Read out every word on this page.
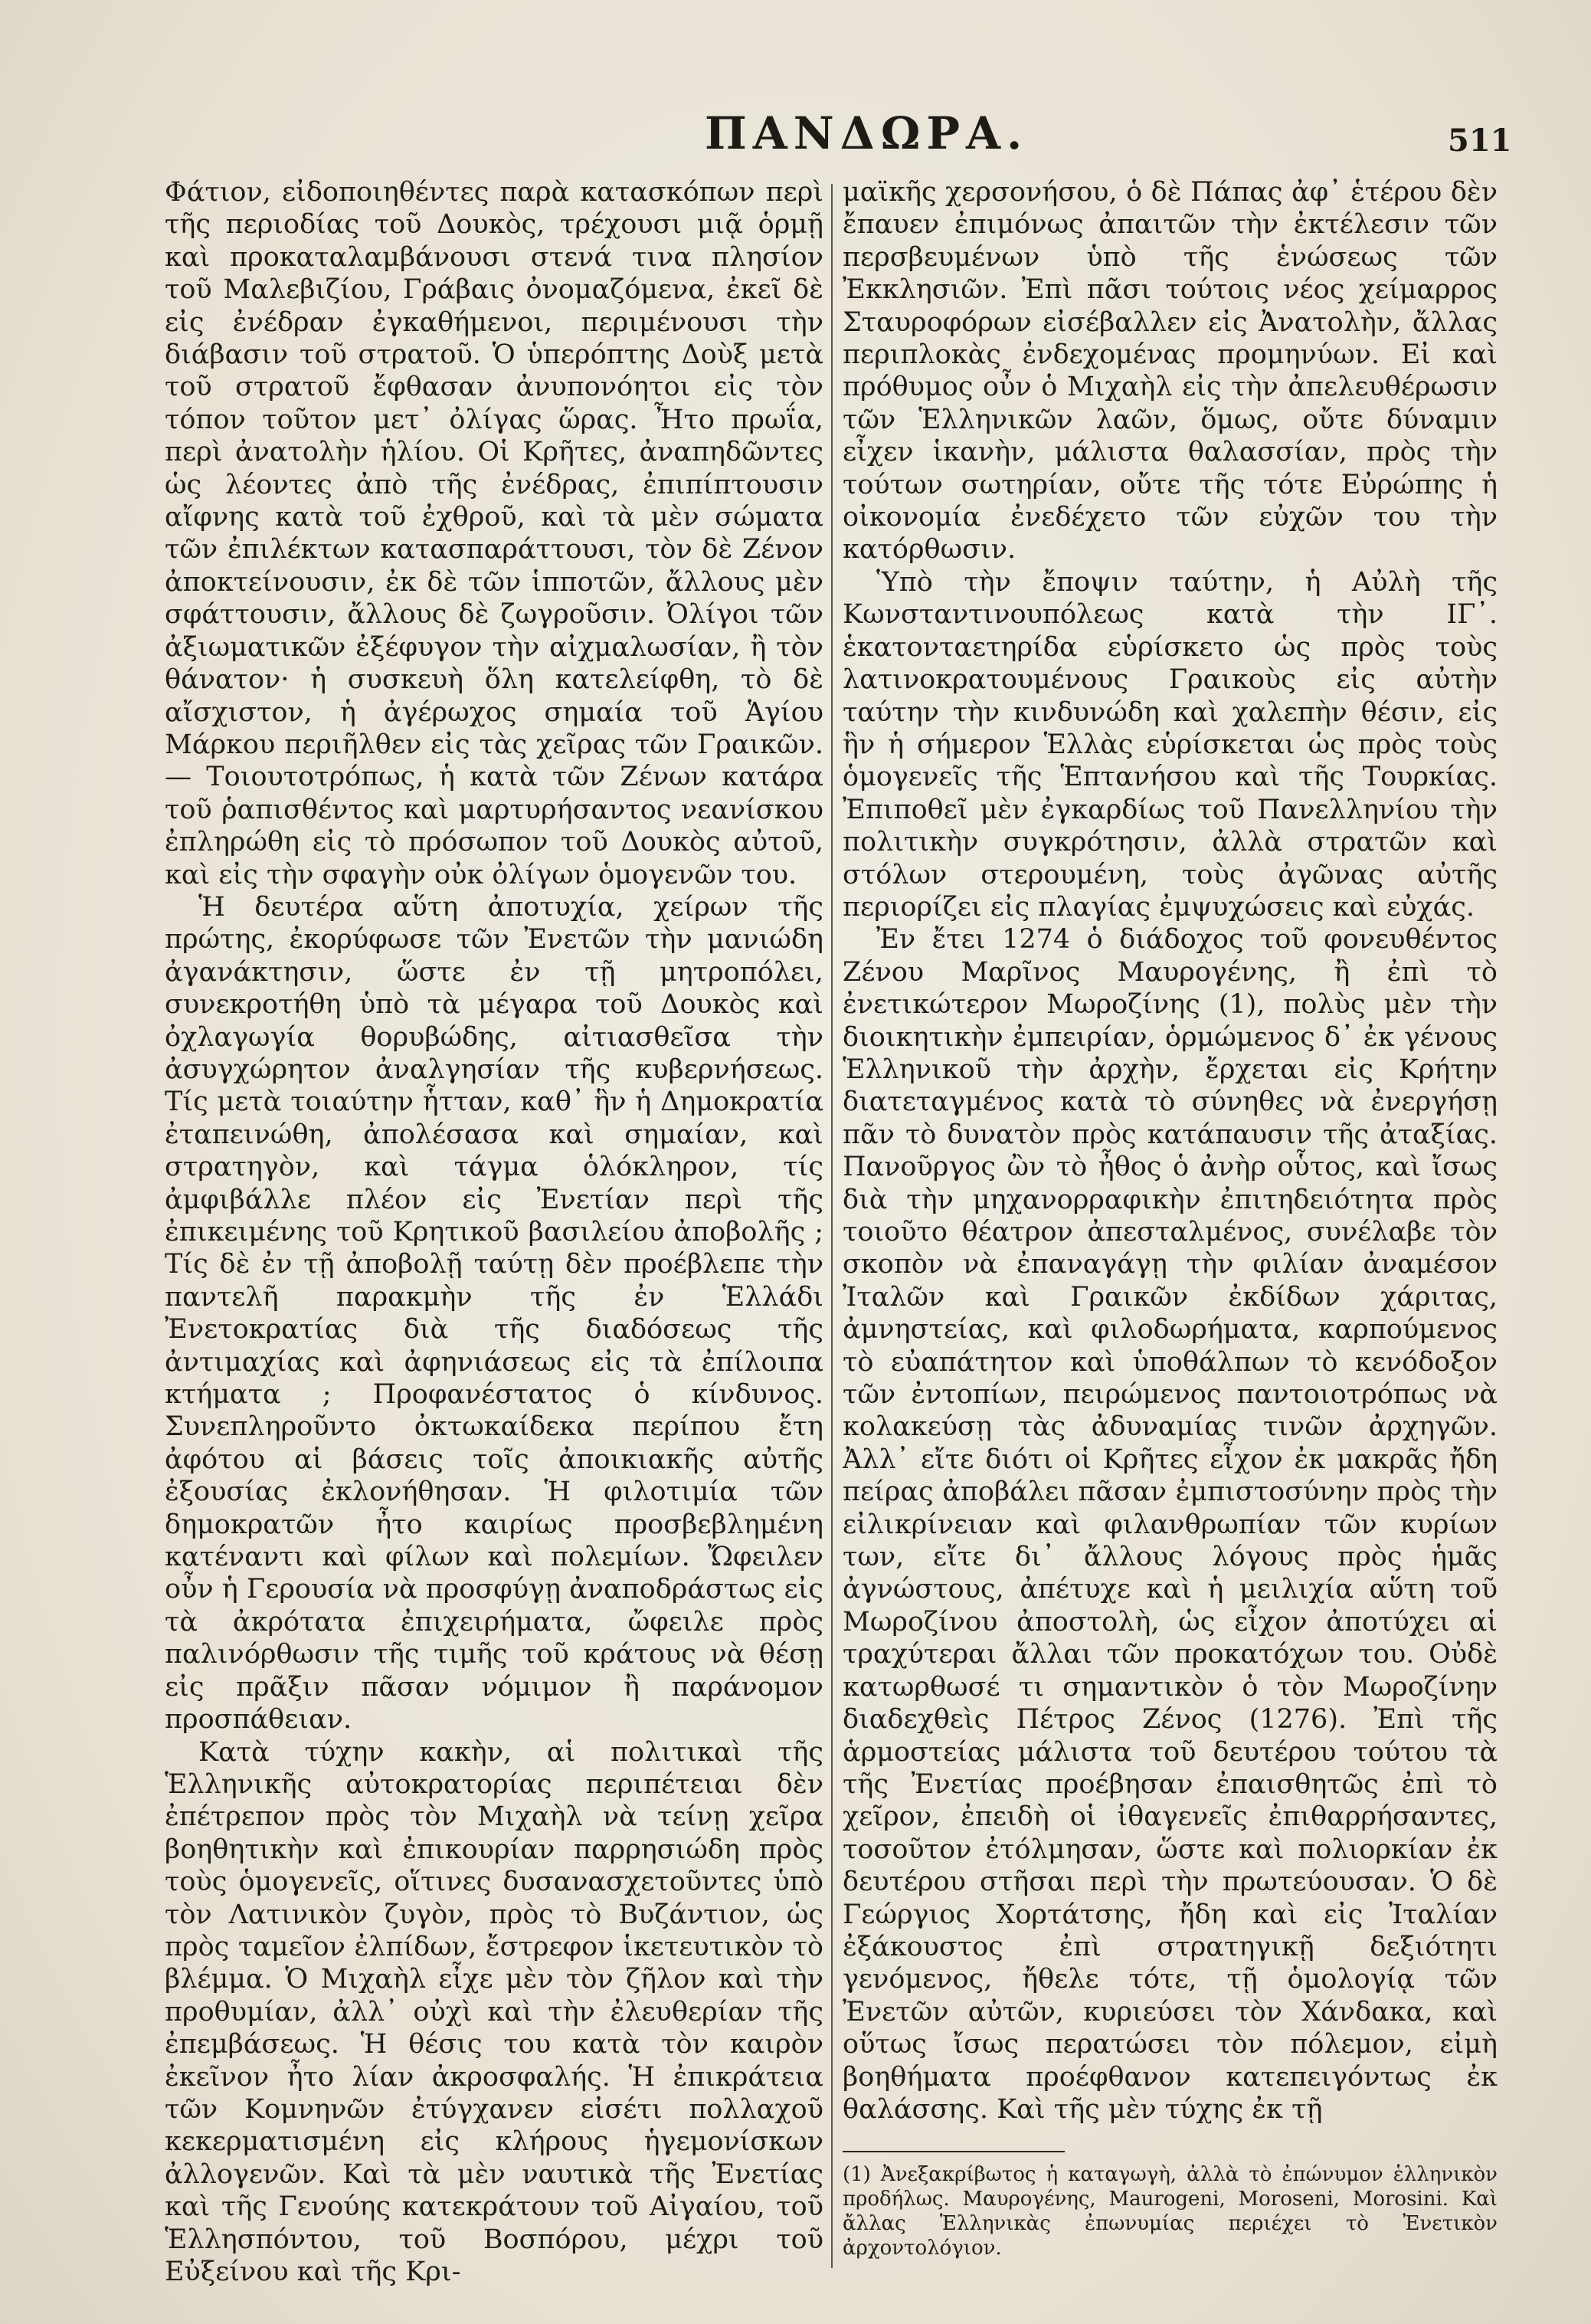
ΠΑΝΔΩΡΑ.	511

Φάτιον, εἰδοποιηθέντες παρὰ κατασκόπων περὶ τῆς περιοδίας τοῦ Δουκὸς, τρέχουσι μιᾷ ὁρμῇ καὶ προκαταλαμβάνουσι στενά τινα πλησίον τοῦ Μαλεβιζίου, Γράβαις ὀνομαζόμενα, ἐκεῖ δὲ εἰς ἐνέδραν ἐγκαθήμενοι, περιμένουσι τὴν διάβασιν τοῦ στρατοῦ. Ὁ ὑπερόπτης Δοὺξ μετὰ τοῦ στρατοῦ ἔφθασαν ἀνυπονόητοι εἰς τὸν τόπον τοῦτον μετ᾿ ὀλίγας ὥρας. Ἦτο πρωΐα, περὶ ἀνατολὴν ἡλίου. Οἱ Κρῆτες, ἀναπηδῶντες ὡς λέοντες ἀπὸ τῆς ἐνέδρας, ἐπιπίπτουσιν αἴφνης κατὰ τοῦ ἐχθροῦ, καὶ τὰ μὲν σώματα τῶν ἐπιλέκτων κατασπαράττουσι, τὸν δὲ Ζένον ἀποκτείνουσιν, ἐκ δὲ τῶν ἱπποτῶν, ἄλλους μὲν σφάττουσιν, ἄλλους δὲ ζωγροῦσιν. Ὀλίγοι τῶν ἀξιωματικῶν ἐξέφυγον τὴν αἰχμαλωσίαν, ἢ τὸν θάνατον· ἡ συσκευὴ ὅλη κατελείφθη, τὸ δὲ αἴσχιστον, ἡ ἀγέρωχος σημαία τοῦ Ἁγίου Μάρκου περιῆλθεν εἰς τὰς χεῖρας τῶν Γραικῶν. — Τοιουτοτρόπως, ἡ κατὰ τῶν Ζένων κατάρα τοῦ ῥαπισθέντος καὶ μαρτυρήσαντος νεανίσκου ἐπληρώθη εἰς τὸ πρόσωπον τοῦ Δουκὸς αὐτοῦ, καὶ εἰς τὴν σφαγὴν οὐκ ὀλίγων ὁμογενῶν του.

Ἡ δευτέρα αὕτη ἀποτυχία, χείρων τῆς πρώτης, ἐκορύφωσε τῶν Ἐνετῶν τὴν μανιώδη ἀγανάκτησιν, ὥστε ἐν τῇ μητροπόλει, συνεκροτήθη ὑπὸ τὰ μέγαρα τοῦ Δουκὸς καὶ ὀχλαγωγία θορυβώδης, αἰτιασθεῖσα τὴν ἀσυγχώρητον ἀναλγησίαν τῆς κυβερνήσεως. Τίς μετὰ τοιαύτην ἧτταν, καθ᾿ ἣν ἡ Δημοκρατία ἐταπεινώθη, ἀπολέσασα καὶ σημαίαν, καὶ στρατηγὸν, καὶ τάγμα ὁλόκληρον, τίς ἀμφιβάλλε πλέον εἰς Ἐνετίαν περὶ τῆς ἐπικειμένης τοῦ Κρητικοῦ βασιλείου ἀποβολῆς ; Τίς δὲ ἐν τῇ ἀποβολῇ ταύτῃ δὲν προέβλεπε τὴν παντελῆ παρακμὴν τῆς ἐν Ἑλλάδι Ἐνετοκρατίας διὰ τῆς διαδόσεως τῆς ἀντιμαχίας καὶ ἀφηνιάσεως εἰς τὰ ἐπίλοιπα κτήματα ; Προφανέστατος ὁ κίνδυνος. Συνεπληροῦντο ὀκτωκαίδεκα περίπου ἔτη ἀφότου αἱ βάσεις τοῖς ἀποικιακῆς αὐτῆς ἐξουσίας ἐκλονήθησαν. Ἡ φιλοτιμία τῶν δημοκρατῶν ἦτο καιρίως προσβεβλημένη κατέναντι καὶ φίλων καὶ πολεμίων. Ὤφειλεν οὖν ἡ Γερουσία νὰ προσφύγῃ ἀναποδράστως εἰς τὰ ἀκρότατα ἐπιχειρήματα, ὤφειλε πρὸς παλινόρθωσιν τῆς τιμῆς τοῦ κράτους νὰ θέσῃ εἰς πρᾶξιν πᾶσαν νόμιμον ἢ παράνομον προσπάθειαν.

Κατὰ τύχην κακὴν, αἱ πολιτικαὶ τῆς Ἑλληνικῆς αὐτοκρατορίας περιπέτειαι δὲν ἐπέτρεπον πρὸς τὸν Μιχαὴλ νὰ τείνῃ χεῖρα βοηθητικὴν καὶ ἐπικουρίαν παρρησιώδη πρὸς τοὺς ὁμογενεῖς, οἵτινες δυσανασχετοῦντες ὑπὸ τὸν Λατινικὸν ζυγὸν, πρὸς τὸ Βυζάντιον, ὡς πρὸς ταμεῖον ἐλπίδων, ἔστρεφον ἱκετευτικὸν τὸ βλέμμα. Ὁ Μιχαὴλ εἶχε μὲν τὸν ζῆλον καὶ τὴν προθυμίαν, ἀλλ᾿ οὐχὶ καὶ τὴν ἐλευθερίαν τῆς ἐπεμβάσεως. Ἡ θέσις του κατὰ τὸν καιρὸν ἐκεῖνον ἦτο λίαν ἀκροσφαλής. Ἡ ἐπικράτεια τῶν Κομνηνῶν ἐτύγχανεν εἰσέτι πολλαχοῦ κεκερματισμένη εἰς κλήρους ἡγεμονίσκων ἀλλογενῶν. Καὶ τὰ μὲν ναυτικὰ τῆς Ἐνετίας καὶ τῆς Γενούης κατεκράτουν τοῦ Αἰγαίου, τοῦ Ἑλλησπόντου, τοῦ Βοσπόρου, μέχρι τοῦ Εὐξείνου καὶ τῆς Κρι-

μαϊκῆς χερσονήσου, ὁ δὲ Πάπας ἀφ᾿ ἑτέρου δὲν ἔπαυεν ἐπιμόνως ἀπαιτῶν τὴν ἐκτέλεσιν τῶν περσβευμένων ὑπὸ τῆς ἑνώσεως τῶν Ἐκκλησιῶν. Ἐπὶ πᾶσι τούτοις νέος χείμαρρος Σταυροφόρων εἰσέβαλλεν εἰς Ἀνατολὴν, ἄλλας περιπλοκὰς ἐνδεχομένας προμηνύων. Εἰ καὶ πρόθυμος οὖν ὁ Μιχαὴλ εἰς τὴν ἀπελευθέρωσιν τῶν Ἑλληνικῶν λαῶν, ὅμως, οὔτε δύναμιν εἶχεν ἱκανὴν, μάλιστα θαλασσίαν, πρὸς τὴν τούτων σωτηρίαν, οὔτε τῆς τότε Εὐρώπης ἡ οἰκονομία ἐνεδέχετο τῶν εὐχῶν του τὴν κατόρθωσιν.

Ὑπὸ τὴν ἔποψιν ταύτην, ἡ Αὐλὴ τῆς Κωνσταντινουπόλεως κατὰ τὴν ΙΓ᾿. ἑκατονταετηρίδα εὑρίσκετο ὡς πρὸς τοὺς λατινοκρατουμένους Γραικοὺς εἰς αὐτὴν ταύτην τὴν κινδυνώδη καὶ χαλεπὴν θέσιν, εἰς ἣν ἡ σήμερον Ἑλλὰς εὑρίσκεται ὡς πρὸς τοὺς ὁμογενεῖς τῆς Ἑπτανήσου καὶ τῆς Τουρκίας. Ἐπιποθεῖ μὲν ἐγκαρδίως τοῦ Πανελληνίου τὴν πολιτικὴν συγκρότησιν, ἀλλὰ στρατῶν καὶ στόλων στερουμένη, τοὺς ἀγῶνας αὐτῆς περιορίζει εἰς πλαγίας ἐμψυχώσεις καὶ εὐχάς.

Ἐν ἔτει 1274 ὁ διάδοχος τοῦ φονευθέντος Ζένου Μαρῖνος Μαυρογένης, ἢ ἐπὶ τὸ ἐνετικώτερον Μωροζίνης (1), πολὺς μὲν τὴν διοικητικὴν ἐμπειρίαν, ὁρμώμενος δ᾿ ἐκ γένους Ἑλληνικοῦ τὴν ἀρχὴν, ἔρχεται εἰς Κρήτην διατεταγμένος κατὰ τὸ σύνηθες νὰ ἐνεργήσῃ πᾶν τὸ δυνατὸν πρὸς κατάπαυσιν τῆς ἀταξίας. Πανοῦργος ὢν τὸ ἦθος ὁ ἀνὴρ οὗτος, καὶ ἴσως διὰ τὴν μηχανορραφικὴν ἐπιτηδειότητα πρὸς τοιοῦτο θέατρον ἀπεσταλμένος, συνέλαβε τὸν σκοπὸν νὰ ἐπαναγάγῃ τὴν φιλίαν ἀναμέσον Ἰταλῶν καὶ Γραικῶν ἐκδίδων χάριτας, ἀμνηστείας, καὶ φιλοδωρήματα, καρπούμενος τὸ εὐαπάτητον καὶ ὑποθάλπων τὸ κενόδοξον τῶν ἐντοπίων, πειρώμενος παντοιοτρόπως νὰ κολακεύσῃ τὰς ἀδυναμίας τινῶν ἀρχηγῶν. Ἀλλ᾿ εἴτε διότι οἱ Κρῆτες εἶχον ἐκ μακρᾶς ἤδη πείρας ἀποβάλει πᾶσαν ἐμπιστοσύνην πρὸς τὴν εἰλικρίνειαν καὶ φιλανθρωπίαν τῶν κυρίων των, εἴτε δι᾿ ἄλλους λόγους πρὸς ἡμᾶς ἀγνώστους, ἀπέτυχε καὶ ἡ μειλιχία αὕτη τοῦ Μωροζίνου ἀποστολὴ, ὡς εἶχον ἀποτύχει αἱ τραχύτεραι ἄλλαι τῶν προκατόχων του. Οὐδὲ κατωρθωσέ τι σημαντικὸν ὁ τὸν Μωροζίνην διαδεχθεὶς Πέτρος Ζένος (1276). Ἐπὶ τῆς ἁρμοστείας μάλιστα τοῦ δευτέρου τούτου τὰ τῆς Ἐνετίας προέβησαν ἐπαισθητῶς ἐπὶ τὸ χεῖρον, ἐπειδὴ οἱ ἰθαγενεῖς ἐπιθαρρήσαντες, τοσοῦτον ἐτόλμησαν, ὥστε καὶ πολιορκίαν ἐκ δευτέρου στῆσαι περὶ τὴν πρωτεύουσαν. Ὁ δὲ Γεώργιος Χορτάτσης, ἤδη καὶ εἰς Ἰταλίαν ἐξάκουστος ἐπὶ στρατηγικῇ δεξιότητι γενόμενος, ἤθελε τότε, τῇ ὁμολογίᾳ τῶν Ἐνετῶν αὐτῶν, κυριεύσει τὸν Χάνδακα, καὶ οὕτως ἴσως περατώσει τὸν πόλεμον, εἰμὴ βοηθήματα προέφθανον κατεπειγόντως ἐκ θαλάσσης. Καὶ τῆς μὲν τύχης ἐκ τῇ

(1) Ἀνεξακρίβωτος ἡ καταγωγὴ, ἀλλὰ τὸ ἐπώνυμον ἑλληνικὸν προδήλως. Μαυρογένης, Maurogeni, Moroseni, Morosini. Καὶ ἄλλας Ἑλληνικὰς ἐπωνυμίας περιέχει τὸ Ἐνετικὸν ἀρχοντολόγιον.
